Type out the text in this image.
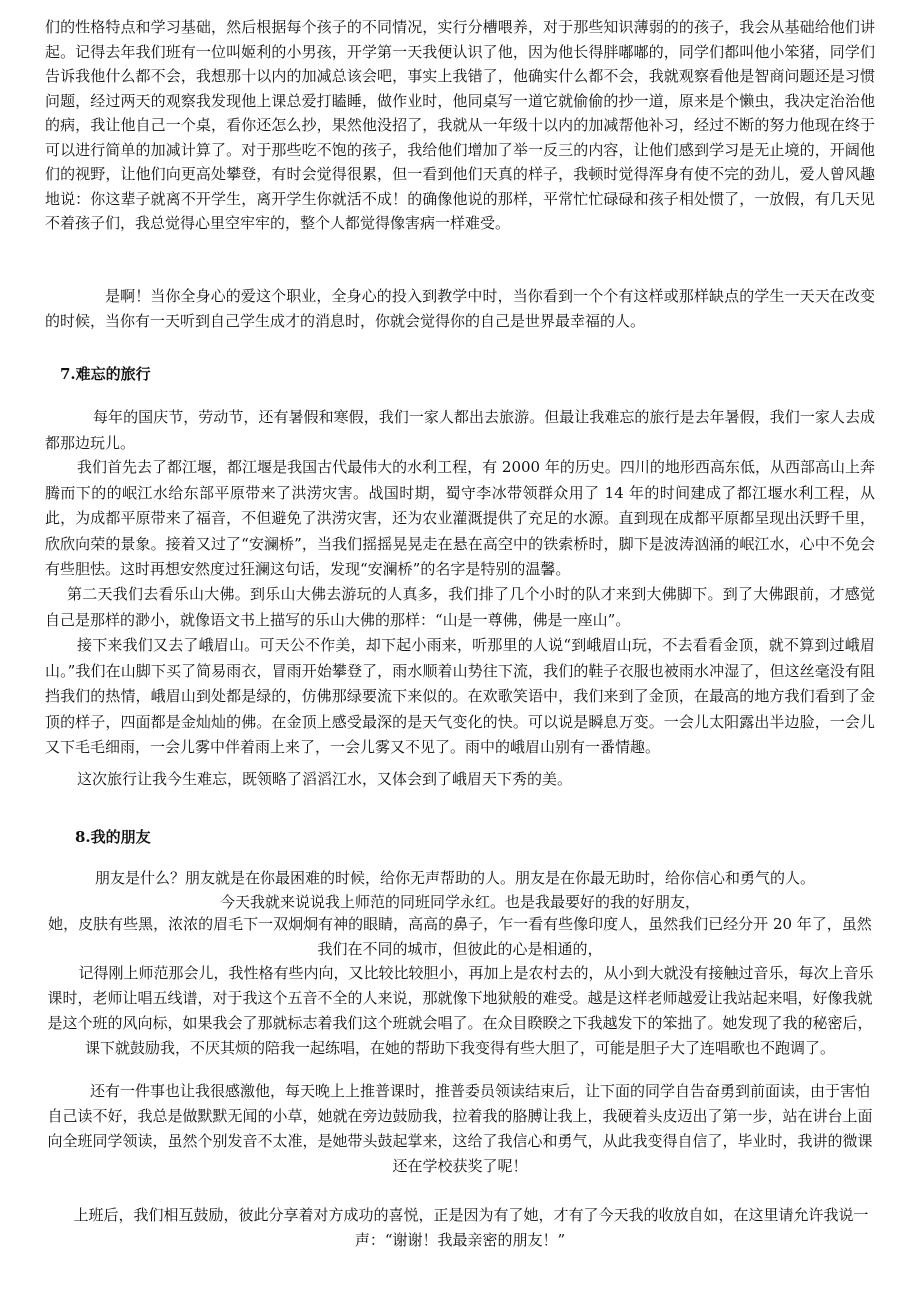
们的性格特点和学习基础，然后根据每个孩子的不同情况，实行分槽喂养，对于那些知识薄弱的的孩子，我会从基础给他们讲起。记得去年我们班有一位叫姬利的小男孩，开学第一天我便认识了他，因为他长得胖嘟嘟的，同学们都叫他小笨猪，同学们告诉我他什么都不会，我想那十以内的加减总该会吧，事实上我错了，他确实什么都不会，我就观察看他是智商问题还是习惯问题，经过两天的观察我发现他上课总爱打瞌睡，做作业时，他同桌写一道它就偷偷的抄一道，原来是个懒虫，我决定治治他的病，我让他自己一个桌，看你还怎么抄，果然他没招了，我就从一年级十以内的加减帮他补习，经过不断的努力他现在终于可以进行简单的加减计算了。对于那些吃不饱的孩子，我给他们增加了举一反三的内容，让他们感到学习是无止境的，开阔他们的视野，让他们向更高处攀登，有时会觉得很累，但一看到他们天真的样子，我顿时觉得浑身有使不完的劲儿，爱人曾风趣地说：你这辈子就离不开学生，离开学生你就活不成！的确像他说的那样，平常忙忙碌碌和孩子相处惯了，一放假，有几天见不着孩子们，我总觉得心里空牢牢的，整个人都觉得像害病一样难受。

是啊！当你全身心的爱这个职业，全身心的投入到教学中时，当你看到一个个有这样或那样缺点的学生一天天在改变的时候，当你有一天听到自己学生成才的消息时，你就会觉得你的自己是世界最幸福的人。

7.难忘的旅行

每年的国庆节，劳动节，还有暑假和寒假，我们一家人都出去旅游。但最让我难忘的旅行是去年暑假，我们一家人去成都那边玩儿。

我们首先去了都江堰，都江堰是我国古代最伟大的水利工程，有 2000 年的历史。四川的地形西高东低，从西部高山上奔腾而下的的岷江水给东部平原带来了洪涝灾害。战国时期，蜀守李冰带领群众用了 14 年的时间建成了都江堰水利工程，从此，为成都平原带来了福音，不但避免了洪涝灾害，还为农业灌溉提供了充足的水源。直到现在成都平原都呈现出沃野千里，欣欣向荣的景象。接着又过了“安澜桥”，当我们摇摇晃晃走在悬在高空中的铁索桥时，脚下是波涛汹涌的岷江水，心中不免会有些胆怯。这时再想安然度过狂澜这句话，发现“安澜桥”的名字是特别的温馨。

第二天我们去看乐山大佛。到乐山大佛去游玩的人真多，我们排了几个小时的队才来到大佛脚下。到了大佛跟前，才感觉自己是那样的渺小，就像语文书上描写的乐山大佛的那样：“山是一尊佛，佛是一座山”。

接下来我们又去了峨眉山。可天公不作美，却下起小雨来，听那里的人说“到峨眉山玩，不去看看金顶，就不算到过峨眉山。”我们在山脚下买了简易雨衣，冒雨开始攀登了，雨水顺着山势往下流，我们的鞋子衣服也被雨水冲湿了，但这丝毫没有阻挡我们的热情，峨眉山到处都是绿的，仿佛那绿要流下来似的。在欢歌笑语中，我们来到了金顶，在最高的地方我们看到了金顶的样子，四面都是金灿灿的佛。在金顶上感受最深的是天气变化的快。可以说是瞬息万变。一会儿太阳露出半边脸，一会儿又下毛毛细雨，一会儿雾中伴着雨上来了，一会儿雾又不见了。雨中的峨眉山别有一番情趣。

这次旅行让我今生难忘，既领略了滔滔江水，又体会到了峨眉天下秀的美。

8.我的朋友

朋友是什么？朋友就是在你最困难的时候，给你无声帮助的人。朋友是在你最无助时，给你信心和勇气的人。

今天我就来说说我上师范的同班同学永红。也是我最要好的我的好朋友，

她，皮肤有些黑，浓浓的眉毛下一双炯炯有神的眼睛，高高的鼻子，乍一看有些像印度人，虽然我们已经分开 20 年了，虽然我们在不同的城市，但彼此的心是相通的，

记得刚上师范那会儿，我性格有些内向，又比较比较胆小，再加上是农村去的，从小到大就没有接触过音乐，每次上音乐课时，老师让唱五线谱，对于我这个五音不全的人来说，那就像下地狱般的难受。越是这样老师越爱让我站起来唱，好像我就是这个班的风向标，如果我会了那就标志着我们这个班就会唱了。在众目睽睽之下我越发下的笨拙了。她发现了我的秘密后，课下就鼓励我，不厌其烦的陪我一起练唱，在她的帮助下我变得有些大胆了，可能是胆子大了连唱歌也不跑调了。

还有一件事也让我很感激他，每天晚上上推普课时，推普委员领读结束后，让下面的同学自告奋勇到前面读，由于害怕自己读不好，我总是做默默无闻的小草，她就在旁边鼓励我，拉着我的胳膊让我上，我硬着头皮迈出了第一步，站在讲台上面向全班同学领读，虽然个别发音不太准，是她带头鼓起掌来，这给了我信心和勇气，从此我变得自信了，毕业时，我讲的微课还在学校获奖了呢！

上班后，我们相互鼓励，彼此分享着对方成功的喜悦，正是因为有了她，才有了今天我的收放自如，在这里请允许我说一声：“谢谢！我最亲密的朋友！”
